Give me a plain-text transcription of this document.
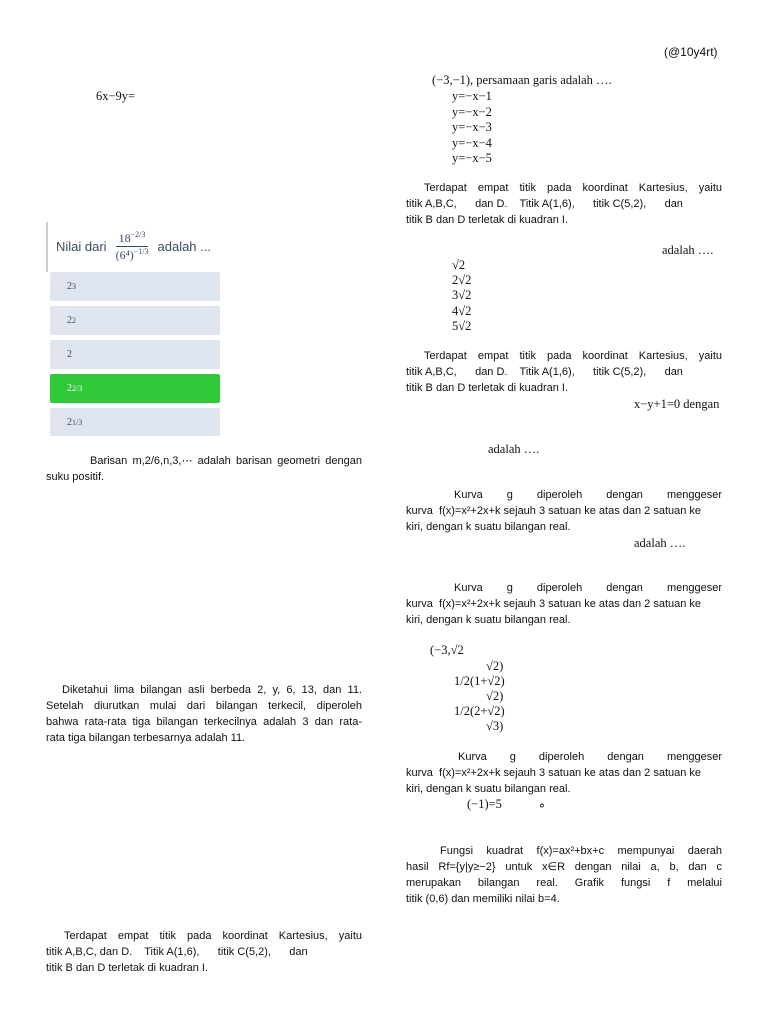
(@10y4rt)
6x−9y=
Nilai dari $\frac{18^{-2/3}}{(6^4)^{-1/3}}$ adalah ...
2 3
2 2
2
2 2/3
2 1/3
Barisan m,2/6,n,3,⋯ adalah barisan geometri dengan
suku positif.
Diketahui lima bilangan asli berbeda 2, y, 6, 13, dan 11.
Setelah diurutkan mulai dari bilangan terkecil, diperoleh
bahwa rata-rata tiga bilangan terkecilnya adalah 3 dan rata-
rata tiga bilangan terbesarnya adalah 11.
Terdapat empat titik pada koordinat Kartesius, yaitu
titik A,B,C, dan D.    Titik A(1,6),      titik C(5,2),      dan
titik B dan D terletak di kuadran I.
(−3,−1), persamaan garis adalah ….
y=−x−1
y=−x−2
y=−x−3
y=−x−4
y=−x−5
Terdapat empat titik pada koordinat Kartesius, yaitu
titik A,B,C,      dan D.    Titik A(1,6),      titik C(5,2),      dan
titik B dan D terletak di kuadran I.
adalah ….
√2
2√2
3√2
4√2
5√2
Terdapat empat titik pada koordinat Kartesius, yaitu
titik A,B,C,      dan D.    Titik A(1,6),      titik C(5,2),      dan
titik B dan D terletak di kuadran I.
x−y+1=0 dengan
adalah ….
Kurva g diperoleh dengan menggeser
kurva  f(x)=x²+2x+k sejauh 3 satuan ke atas dan 2 satuan ke
kiri, dengan k suatu bilangan real.
adalah ….
Kurva g diperoleh dengan menggeser
kurva  f(x)=x²+2x+k sejauh 3 satuan ke atas dan 2 satuan ke
kiri, dengan k suatu bilangan real.
(−3,√2
√2)
1/2(1+√2)
√2)
1/2(2+√2)
√3)
Kurva g diperoleh dengan menggeser
kurva  f(x)=x²+2x+k sejauh 3 satuan ke atas dan 2 satuan ke
kiri, dengan k suatu bilangan real.
(−1)=5	∘
Fungsi kuadrat f(x)=ax²+bx+c mempunyai daerah
hasil Rf={y|y≥−2} untuk x∈R dengan nilai a, b, dan c
merupakan bilangan real. Grafik fungsi f melalui
titik (0,6) dan memiliki nilai b=4.
